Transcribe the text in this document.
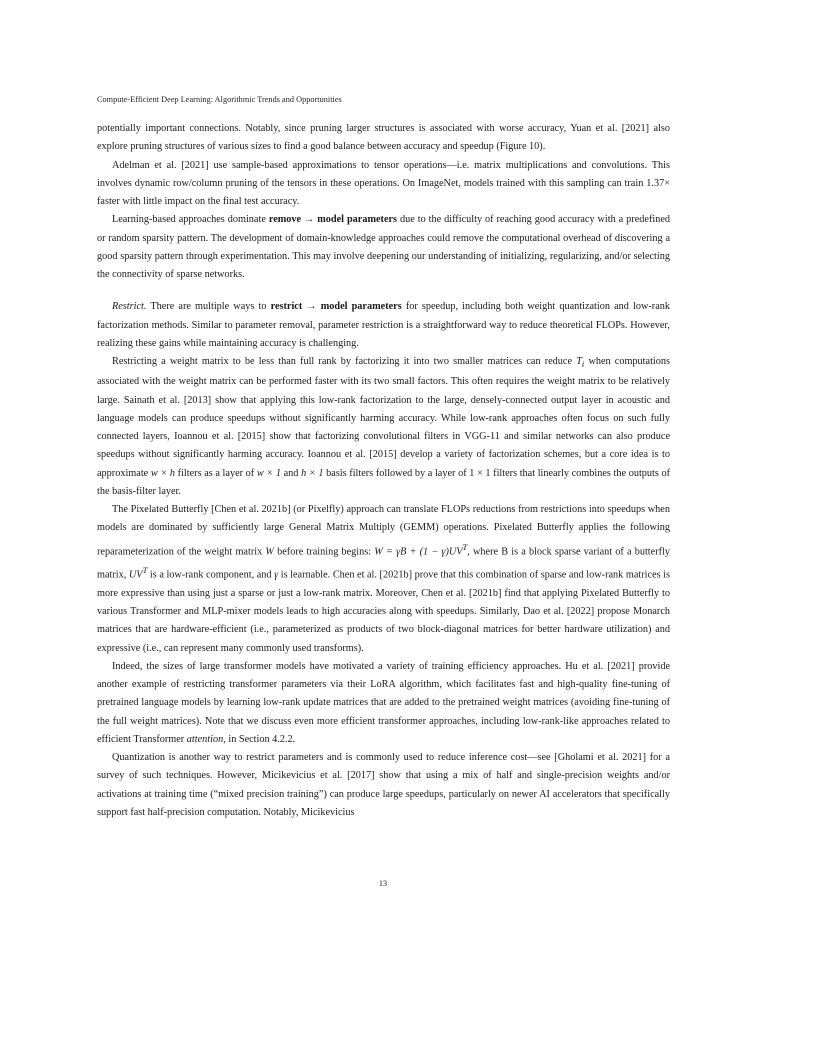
Compute-Efficient Deep Learning: Algorithmic Trends and Opportunities

potentially important connections. Notably, since pruning larger structures is associated with worse accuracy, Yuan et al. [2021] also explore pruning structures of various sizes to find a good balance between accuracy and speedup (Figure 10).

Adelman et al. [2021] use sample-based approximations to tensor operations—i.e. matrix multiplications and convolutions. This involves dynamic row/column pruning of the tensors in these operations. On ImageNet, models trained with this sampling can train 1.37× faster with little impact on the final test accuracy.

Learning-based approaches dominate remove → model parameters due to the difficulty of reaching good accuracy with a predefined or random sparsity pattern. The development of domain-knowledge approaches could remove the computational overhead of discovering a good sparsity pattern through experimentation. This may involve deepening our understanding of initializing, regularizing, and/or selecting the connectivity of sparse networks.

Restrict. There are multiple ways to restrict → model parameters for speedup, including both weight quantization and low-rank factorization methods. Similar to parameter removal, parameter restriction is a straightforward way to reduce theoretical FLOPs. However, realizing these gains while maintaining accuracy is challenging.

Restricting a weight matrix to be less than full rank by factorizing it into two smaller matrices can reduce $T_i$ when computations associated with the weight matrix can be performed faster with its two small factors. This often requires the weight matrix to be relatively large. Sainath et al. [2013] show that applying this low-rank factorization to the large, densely-connected output layer in acoustic and language models can produce speedups without significantly harming accuracy. While low-rank approaches often focus on such fully connected layers, Ioannou et al. [2015] show that factorizing convolutional filters in VGG-11 and similar networks can also produce speedups without significantly harming accuracy. Ioannou et al. [2015] develop a variety of factorization schemes, but a core idea is to approximate w × h filters as a layer of w × 1 and h × 1 basis filters followed by a layer of 1 × 1 filters that linearly combines the outputs of the basis-filter layer.

The Pixelated Butterfly [Chen et al. 2021b] (or Pixelfly) approach can translate FLOPs reductions from restrictions into speedups when models are dominated by sufficiently large General Matrix Multiply (GEMM) operations. Pixelated Butterfly applies the following reparameterization of the weight matrix W before training begins: $W = \gamma B + (1 - \gamma)UV^T$, where B is a block sparse variant of a butterfly matrix, $UV^T$ is a low-rank component, and γ is learnable. Chen et al. [2021b] prove that this combination of sparse and low-rank matrices is more expressive than using just a sparse or just a low-rank matrix. Moreover, Chen et al. [2021b] find that applying Pixelated Butterfly to various Transformer and MLP-mixer models leads to high accuracies along with speedups. Similarly, Dao et al. [2022] propose Monarch matrices that are hardware-efficient (i.e., parameterized as products of two block-diagonal matrices for better hardware utilization) and expressive (i.e., can represent many commonly used transforms).

Indeed, the sizes of large transformer models have motivated a variety of training efficiency approaches. Hu et al. [2021] provide another example of restricting transformer parameters via their LoRA algorithm, which facilitates fast and high-quality fine-tuning of pretrained language models by learning low-rank update matrices that are added to the pretrained weight matrices (avoiding fine-tuning of the full weight matrices). Note that we discuss even more efficient transformer approaches, including low-rank-like approaches related to efficient Transformer attention, in Section 4.2.2.

Quantization is another way to restrict parameters and is commonly used to reduce inference cost—see [Gholami et al. 2021] for a survey of such techniques. However, Micikevicius et al. [2017] show that using a mix of half and single-precision weights and/or activations at training time (“mixed precision training”) can produce large speedups, particularly on newer AI accelerators that specifically support fast half-precision computation. Notably, Micikevicius

13
